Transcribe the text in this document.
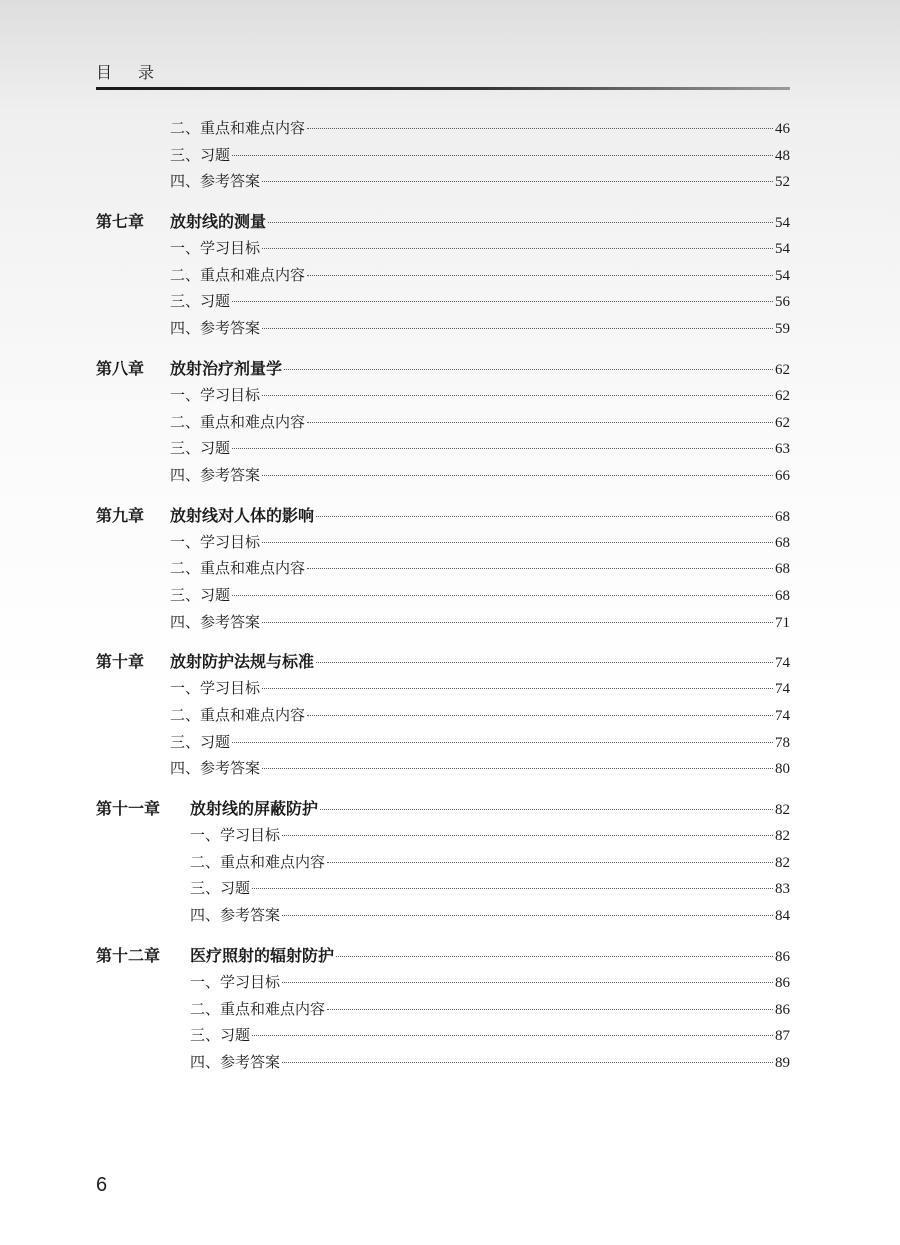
目录
二、重点和难点内容	46
三、习题	48
四、参考答案	52
第七章	放射线的测量	54
一、学习目标	54
二、重点和难点内容	54
三、习题	56
四、参考答案	59
第八章	放射治疗剂量学	62
一、学习目标	62
二、重点和难点内容	62
三、习题	63
四、参考答案	66
第九章	放射线对人体的影响	68
一、学习目标	68
二、重点和难点内容	68
三、习题	68
四、参考答案	71
第十章	放射防护法规与标准	74
一、学习目标	74
二、重点和难点内容	74
三、习题	78
四、参考答案	80
第十一章	放射线的屏蔽防护	82
一、学习目标	82
二、重点和难点内容	82
三、习题	83
四、参考答案	84
第十二章	医疗照射的辐射防护	86
一、学习目标	86
二、重点和难点内容	86
三、习题	87
四、参考答案	89
6
